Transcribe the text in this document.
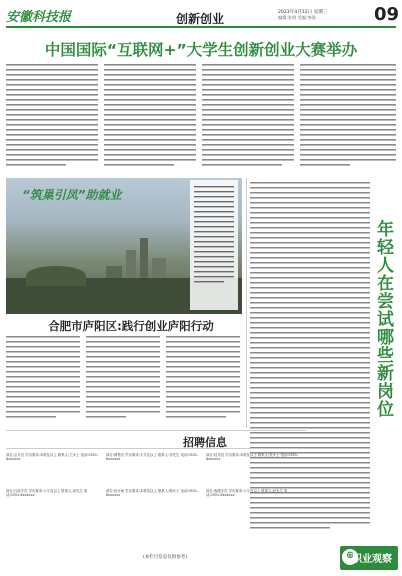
安徽科技报	创新创业	2023年4月12日 星期三
编辑:张明 美编:李强	09
中国国际“互联网+”大学生创新创业大赛举办
“筑巢引凤”助就业
合肥市庐阳区:践行创业庐阳行动	年轻人在尝试哪些新岗位
招聘信息
岗位:会计员 学历要求:本科及以上 联系人:王女士 电话:0551-6xxxxxx
岗位:销售员 学历要求:大专及以上 联系人:李先生 电话:0551-6xxxxxx
岗位:技术员 学历要求:本科及以上 联系人:张女士 电话:0551-6xxxxxx
岗位:行政专员 学历要求:大专及以上 联系人:刘先生 电话:0551-6xxxxxx
岗位:设计师 学历要求:本科及以上 联系人:陈女士 电话:0551-6xxxxxx
岗位:客服专员 学历要求:大专及以上 联系人:赵先生 电话:0551-6xxxxxx
(本栏目信息仅供参考)	⊕
职业观察
